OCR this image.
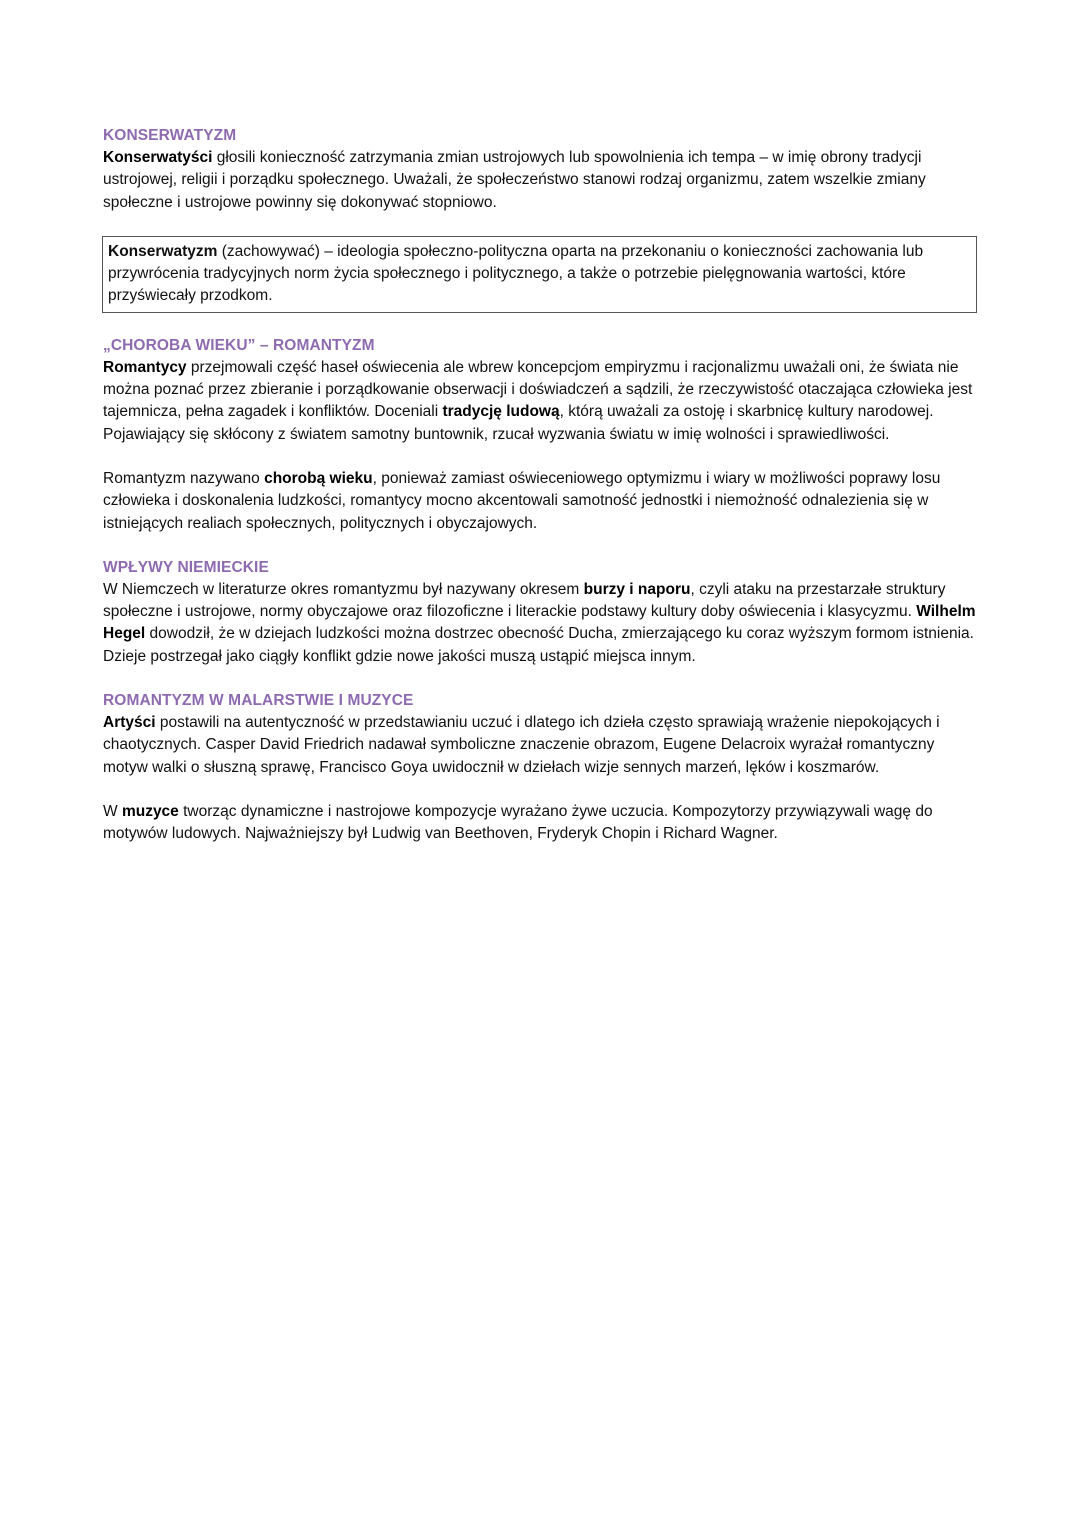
KONSERWATYZM

Konserwatyści głosili konieczność zatrzymania zmian ustrojowych lub spowolnienia ich tempa – w imię obrony tradycji ustrojowej, religii i porządku społecznego. Uważali, że społeczeństwo stanowi rodzaj organizmu, zatem wszelkie zmiany społeczne i ustrojowe powinny się dokonywać stopniowo.

Konserwatyzm (zachowywać) – ideologia społeczno-polityczna oparta na przekonaniu o konieczności zachowania lub przywrócenia tradycyjnych norm życia społecznego i politycznego, a także o potrzebie pielęgnowania wartości, które przyświecały przodkom.
„CHOROBA WIEKU” – ROMANTYZM

Romantycy przejmowali część haseł oświecenia ale wbrew koncepcjom empiryzmu i racjonalizmu uważali oni, że świata nie można poznać przez zbieranie i porządkowanie obserwacji i doświadczeń a sądzili, że rzeczywistość otaczająca człowieka jest tajemnicza, pełna zagadek i konfliktów. Doceniali tradycję ludową, którą uważali za ostoję i skarbnicę kultury narodowej. Pojawiający się skłócony z światem samotny buntownik, rzucał wyzwania światu w imię wolności i sprawiedliwości.

Romantyzm nazywano chorobą wieku, ponieważ zamiast oświeceniowego optymizmu i wiary w możliwości poprawy losu człowieka i doskonalenia ludzkości, romantycy mocno akcentowali samotność jednostki i niemożność odnalezienia się w istniejących realiach społecznych, politycznych i obyczajowych.

WPŁYWY NIEMIECKIE

W Niemczech w literaturze okres romantyzmu był nazywany okresem burzy i naporu, czyli ataku na przestarzałe struktury społeczne i ustrojowe, normy obyczajowe oraz filozoficzne i literackie podstawy kultury doby oświecenia i klasycyzmu. Wilhelm Hegel dowodził, że w dziejach ludzkości można dostrzec obecność Ducha, zmierzającego ku coraz wyższym formom istnienia. Dzieje postrzegał jako ciągły konflikt gdzie nowe jakości muszą ustąpić miejsca innym.

ROMANTYZM W MALARSTWIE I MUZYCE

Artyści postawili na autentyczność w przedstawianiu uczuć i dlatego ich dzieła często sprawiają wrażenie niepokojących i chaotycznych. Casper David Friedrich nadawał symboliczne znaczenie obrazom, Eugene Delacroix wyrażał romantyczny motyw walki o słuszną sprawę, Francisco Goya uwidocznił w dziełach wizje sennych marzeń, lęków i koszmarów.

W muzyce tworząc dynamiczne i nastrojowe kompozycje wyrażano żywe uczucia. Kompozytorzy przywiązywali wagę do motywów ludowych. Najważniejszy był Ludwig van Beethoven, Fryderyk Chopin i Richard Wagner.
